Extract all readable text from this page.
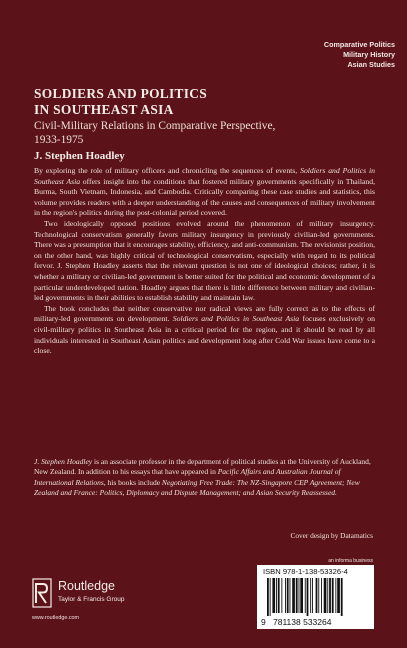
Comparative Politics
Military History
Asian Studies
SOLDIERS AND POLITICS
IN SOUTHEAST ASIA
Civil-Military Relations in Comparative Perspective,
1933-1975
J. Stephen Hoadley

By exploring the role of military officers and chronicling the sequences of events, Soldiers and Politics in Southeast Asia offers insight into the conditions that fostered military governments specifically in Thailand, Burma, South Vietnam, Indonesia, and Cambodia. Critically comparing these case studies and statistics, this volume provides readers with a deeper understanding of the causes and consequences of military involvement in the region's politics during the post-colonial period covered.

Two ideologically opposed positions evolved around the phenomenon of military insurgency. Technological conservatism generally favors military insurgency in previously civilian-led governments. There was a presumption that it encourages stability, efficiency, and anti-communism. The revisionist position, on the other hand, was highly critical of technological conservatism, especially with regard to its political fervor. J. Stephen Hoadley asserts that the relevant question is not one of ideological choices; rather, it is whether a military or civilian-led government is better suited for the political and economic development of a particular underdeveloped nation. Hoadley argues that there is little difference between military and civilian-led governments in their abilities to establish stability and maintain law.

The book concludes that neither conservative nor radical views are fully correct as to the effects of military-led governments on development. Soldiers and Politics in Southeast Asia focuses exclusively on civil-military politics in Southeast Asia in a critical period for the region, and it should be read by all individuals interested in Southeast Asian politics and development long after Cold War issues have come to a close.

J. Stephen Hoadley is an associate professor in the department of political studies at the University of Auckland, New Zealand. In addition to his essays that have appeared in Pacific Affairs and Australian Journal of International Relations, his books include Negotiating Free Trade: The NZ-Singapore CEP Agreement; New Zealand and France: Politics, Diplomacy and Dispute Management; and Asian Security Reassessed.

Cover design by Datamatics
Routledge
Taylor & Francis Group
www.routledge.com
an informa business
ISBN 978-1-138-53326-4
9 781138 533264
